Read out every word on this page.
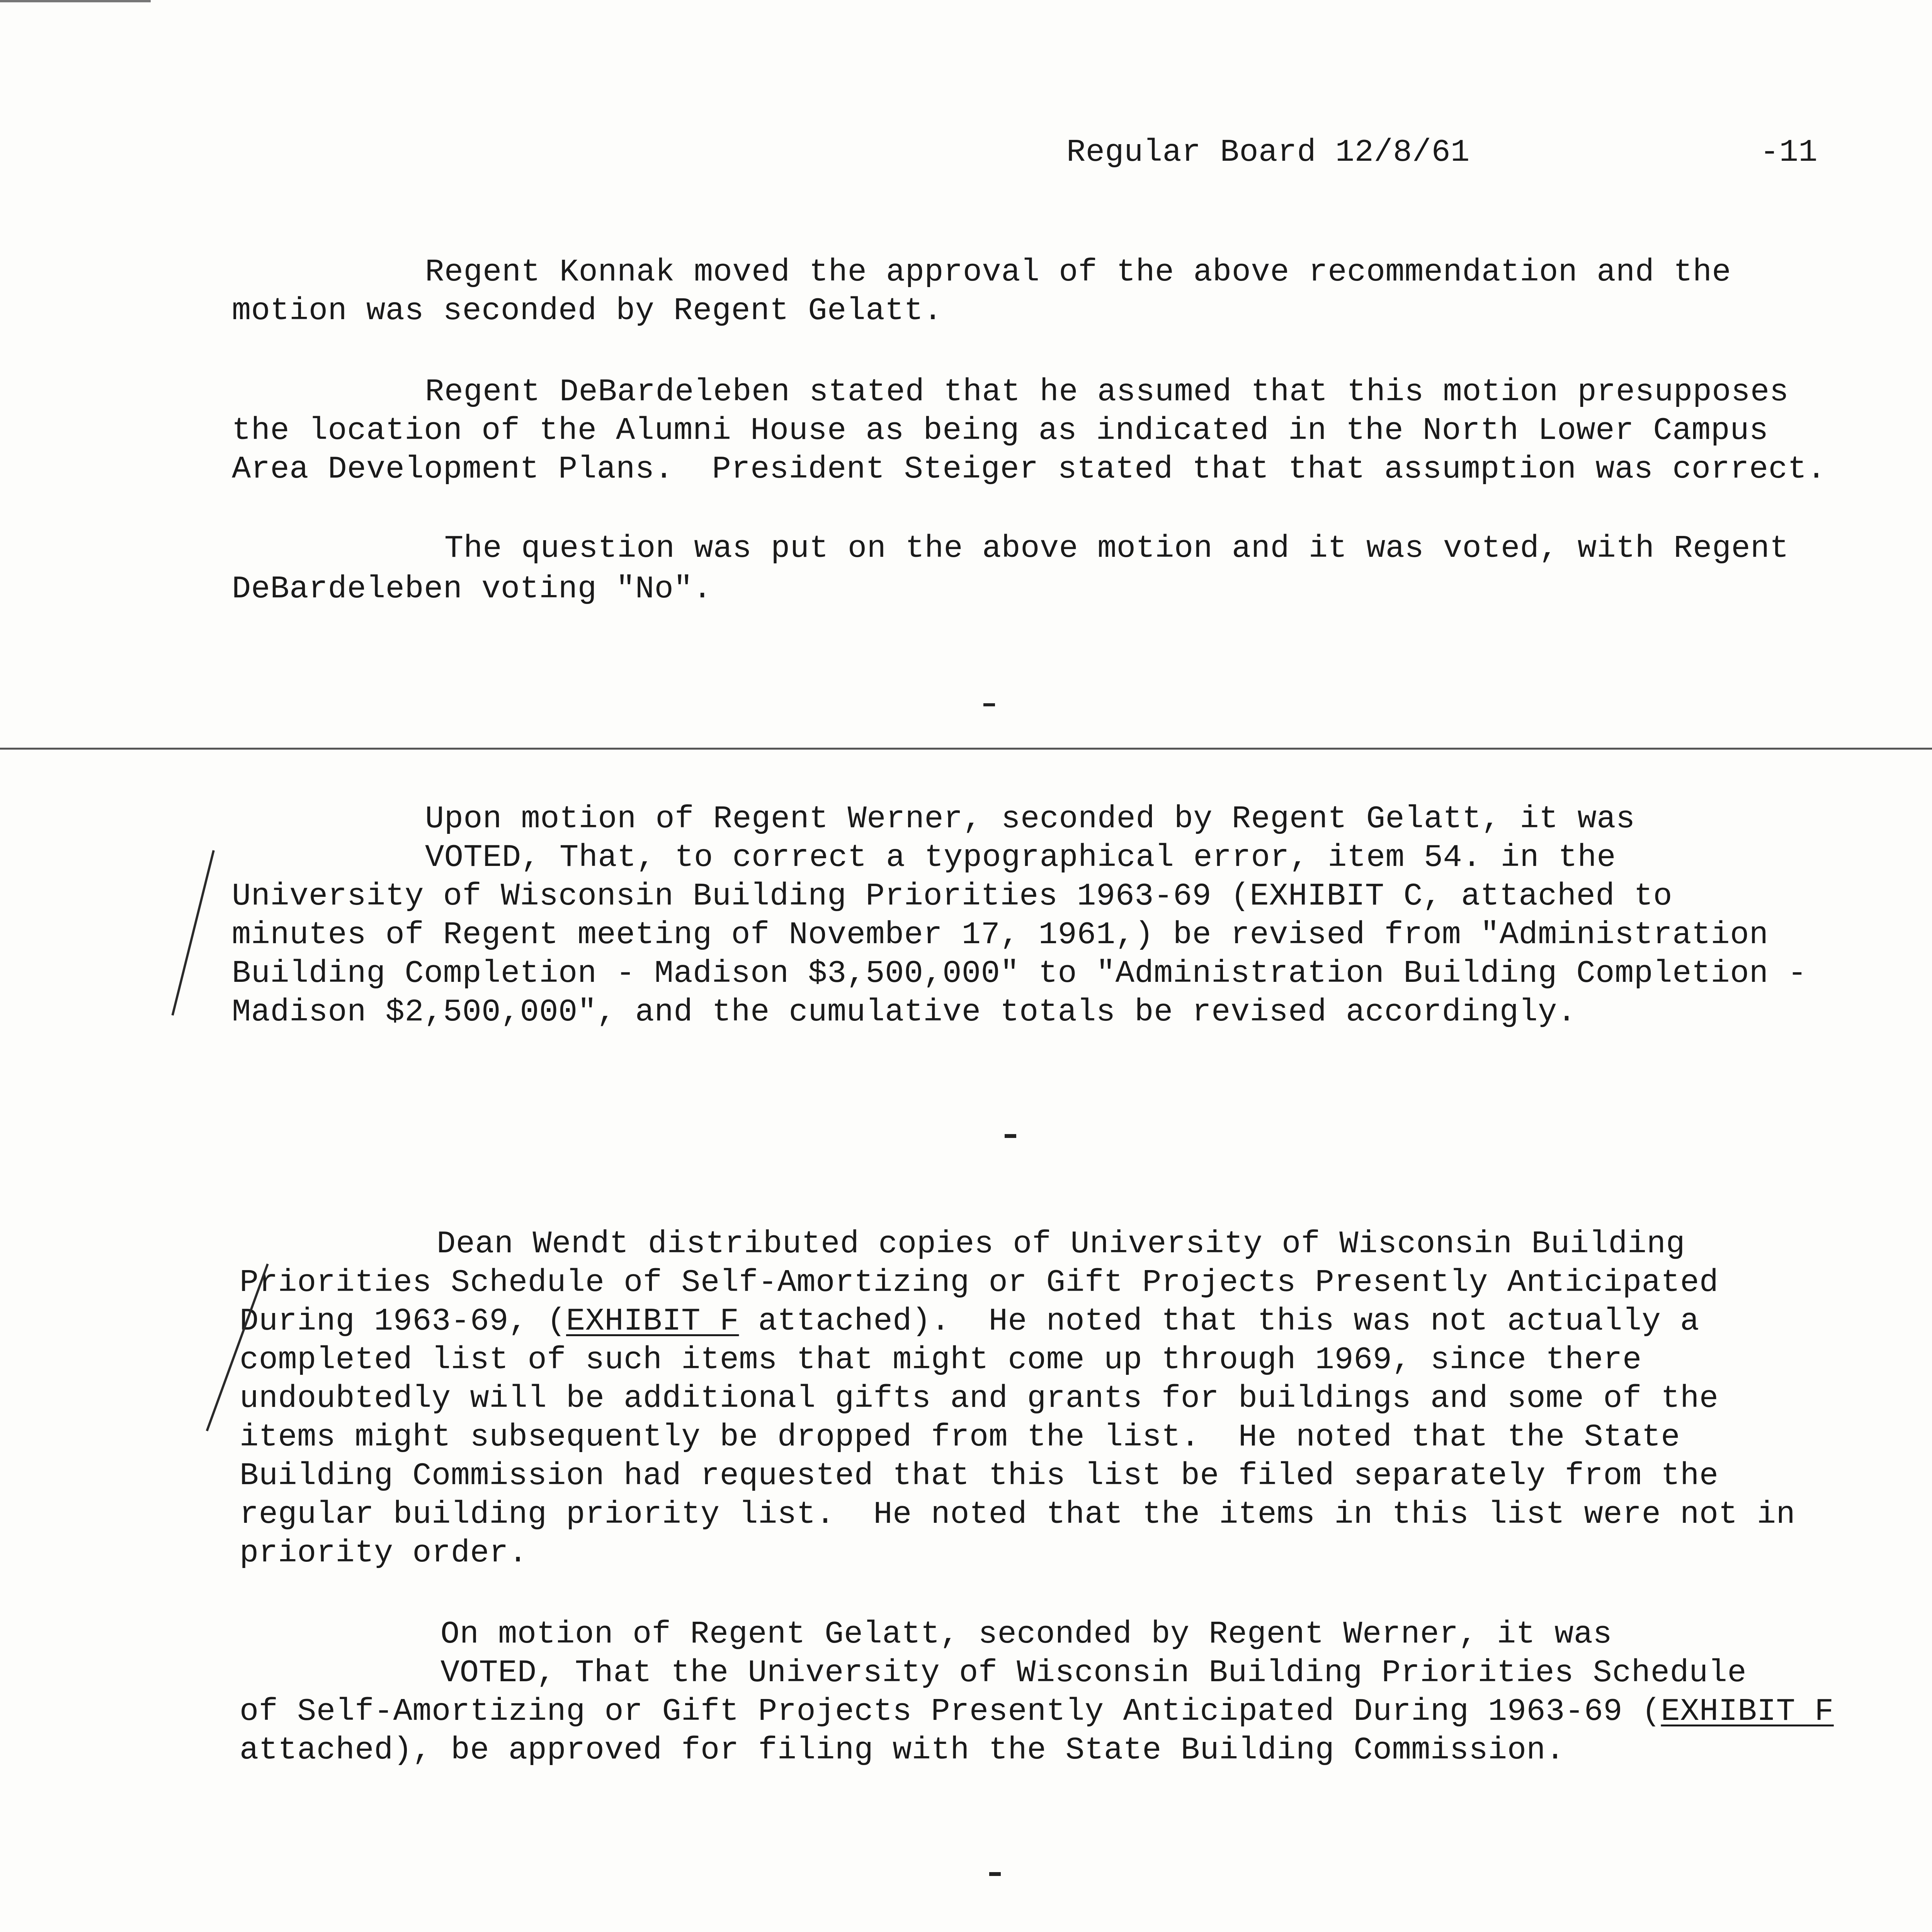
Regular Board 12/8/61	-11
Regent Konnak moved the approval of the above recommendation and the
motion was seconded by Regent Gelatt.
Regent DeBardeleben stated that he assumed that this motion presupposes
the location of the Alumni House as being as indicated in the North Lower Campus
Area Development Plans.  President Steiger stated that that assumption was correct.
The question was put on the above motion and it was voted, with Regent
DeBardeleben voting "No".
Upon motion of Regent Werner, seconded by Regent Gelatt, it was
VOTED, That, to correct a typographical error, item 54. in the
University of Wisconsin Building Priorities 1963-69 (EXHIBIT C, attached to
minutes of Regent meeting of November 17, 1961,) be revised from "Administration
Building Completion - Madison $3,500,000" to "Administration Building Completion -
Madison $2,500,000", and the cumulative totals be revised accordingly.
Dean Wendt distributed copies of University of Wisconsin Building
Priorities Schedule of Self-Amortizing or Gift Projects Presently Anticipated
During 1963-69, (EXHIBIT F attached).  He noted that this was not actually a
completed list of such items that might come up through 1969, since there
undoubtedly will be additional gifts and grants for buildings and some of the
items might subsequently be dropped from the list.  He noted that the State
Building Commission had requested that this list be filed separately from the
regular building priority list.  He noted that the items in this list were not in
priority order.
On motion of Regent Gelatt, seconded by Regent Werner, it was
VOTED, That the University of Wisconsin Building Priorities Schedule
of Self-Amortizing or Gift Projects Presently Anticipated During 1963-69 (EXHIBIT F
attached), be approved for filing with the State Building Commission.
